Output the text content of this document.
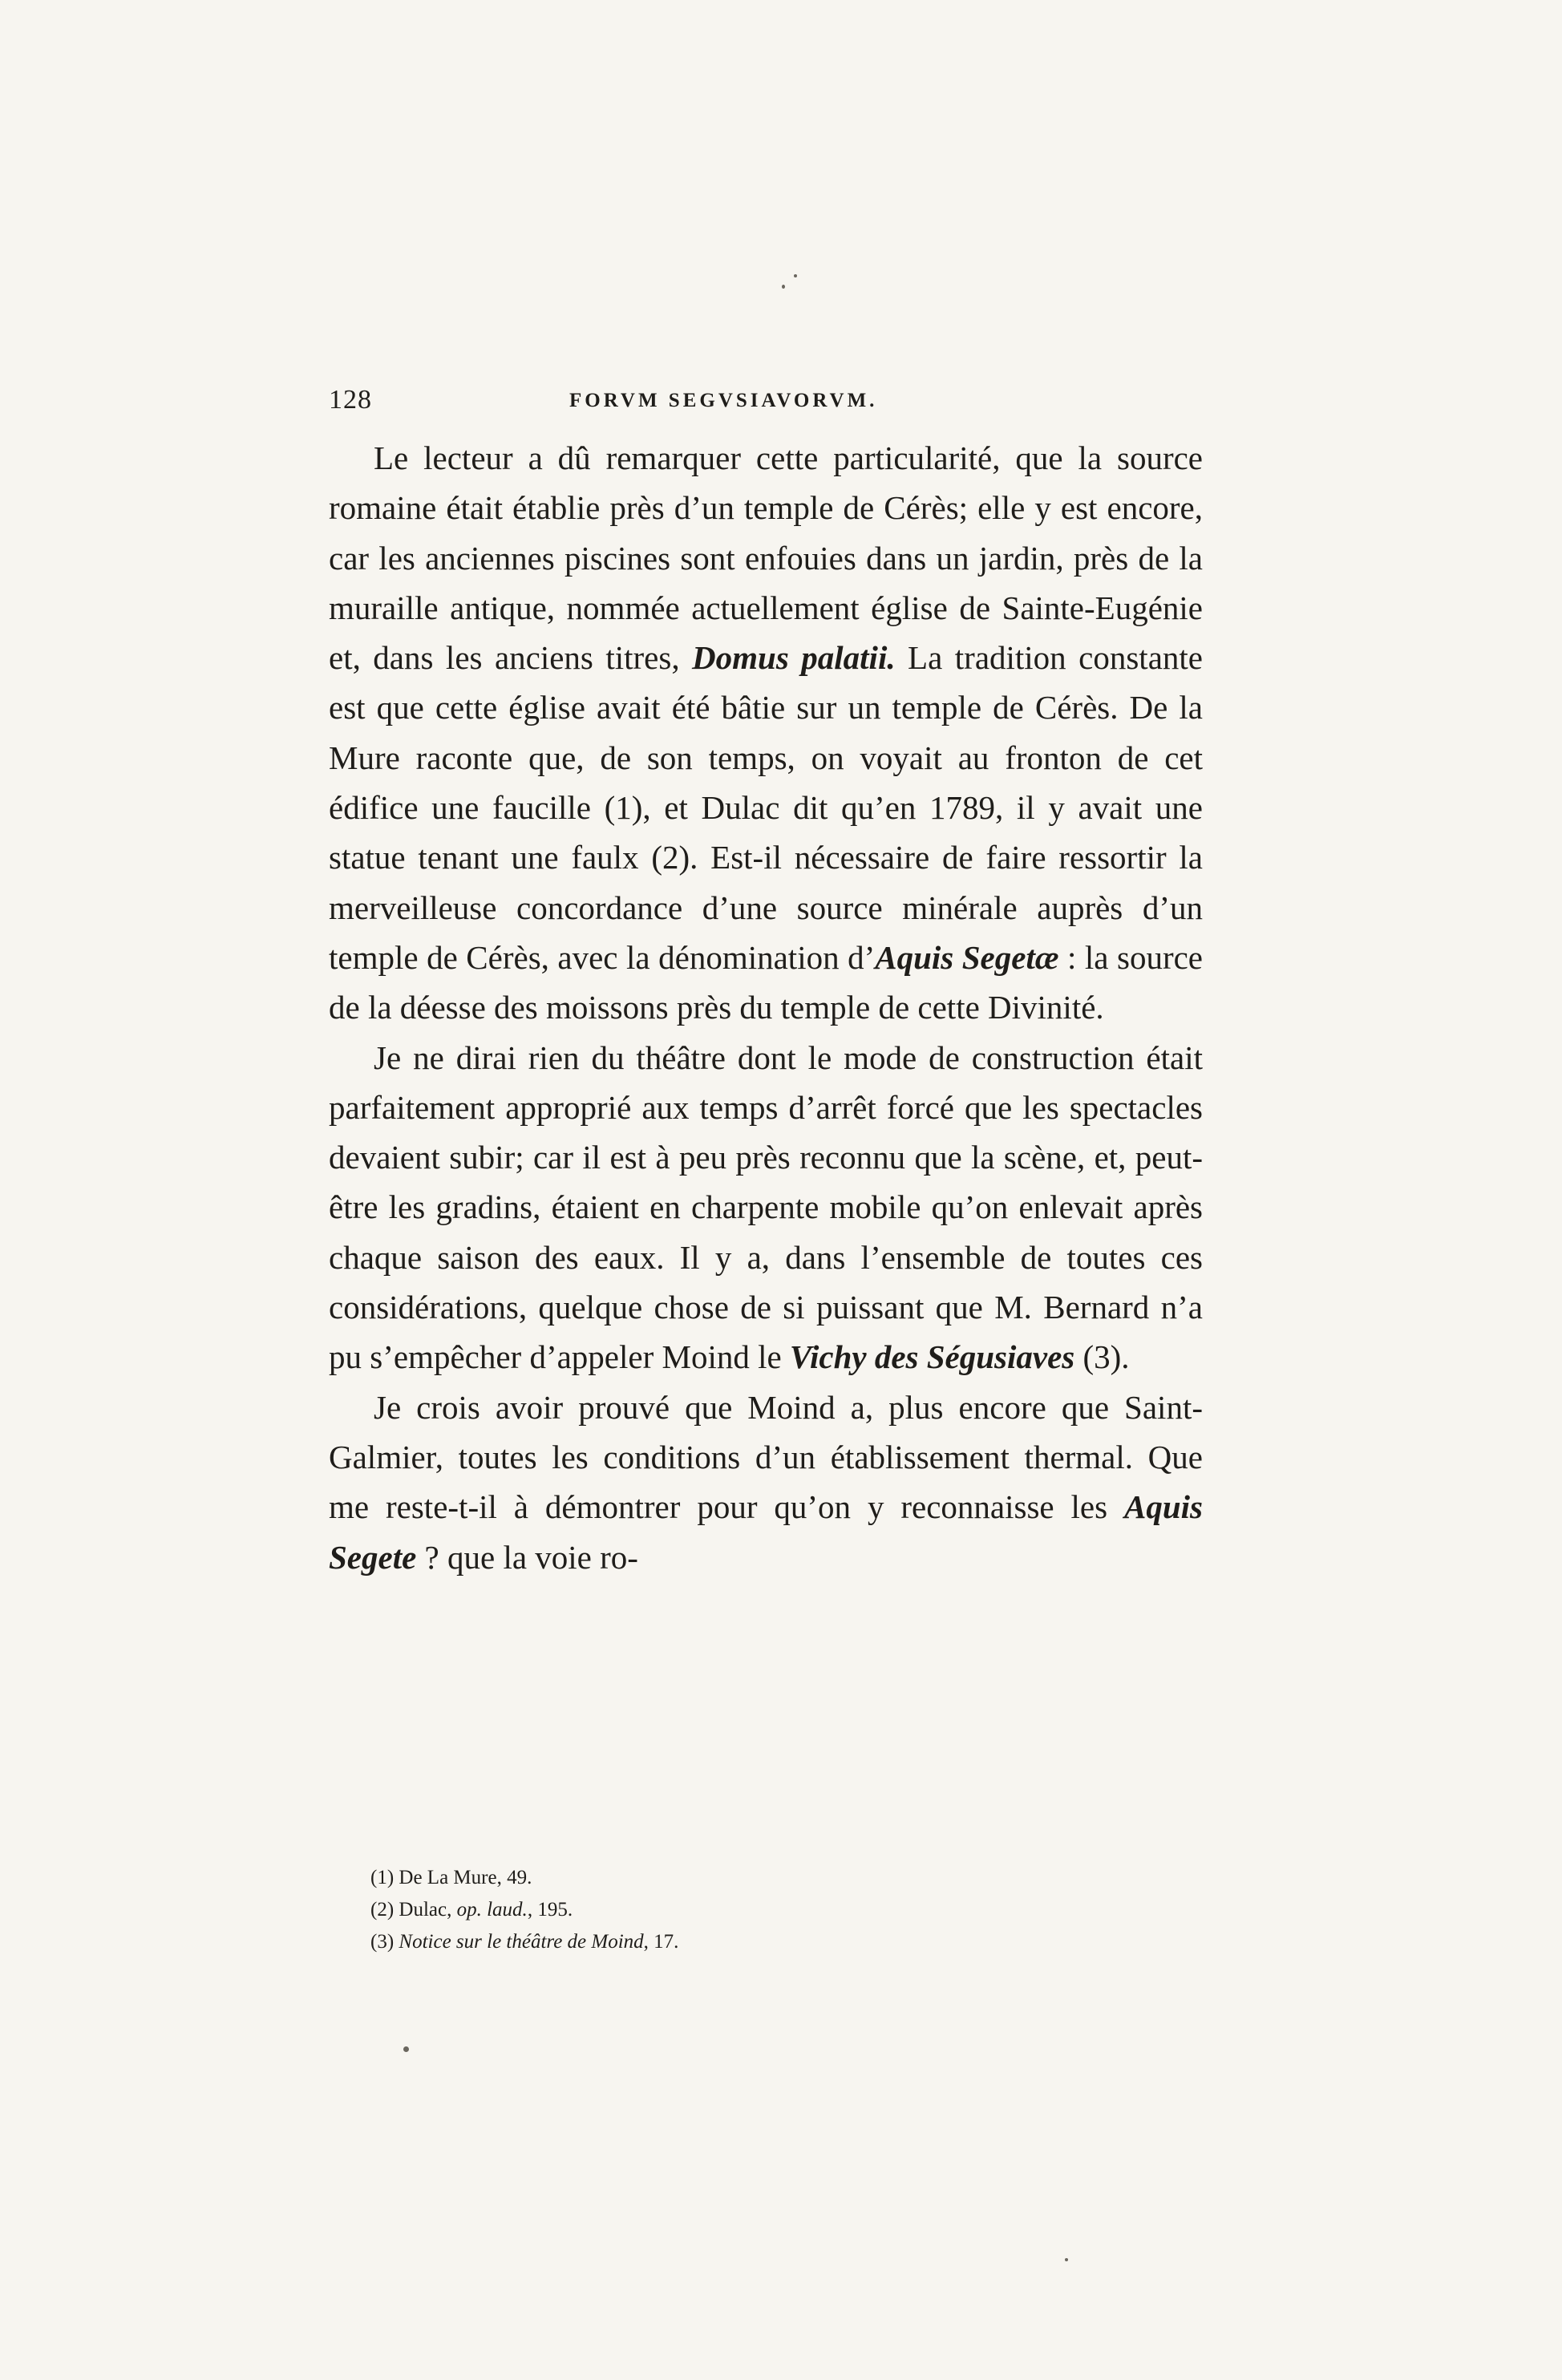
128	FORVM SEGVSIAVORVM.

Le lecteur a dû remarquer cette particularité, que la source romaine était établie près d’un temple de Cérès; elle y est encore, car les anciennes piscines sont enfouies dans un jardin, près de la muraille antique, nommée actuellement église de Sainte-Eugénie et, dans les anciens titres, Domus palatii. La tradition constante est que cette église avait été bâtie sur un temple de Cérès. De la Mure raconte que, de son temps, on voyait au fronton de cet édifice une faucille (1), et Dulac dit qu’en 1789, il y avait une statue tenant une faulx (2). Est-il nécessaire de faire ressortir la merveilleuse concordance d’une source minérale auprès d’un temple de Cérès, avec la dénomination d’Aquis Segetæ : la source de la déesse des moissons près du temple de cette Divinité.

Je ne dirai rien du théâtre dont le mode de construction était parfaitement approprié aux temps d’arrêt forcé que les spectacles devaient subir; car il est à peu près reconnu que la scène, et, peut-être les gradins, étaient en charpente mobile qu’on enlevait après chaque saison des eaux. Il y a, dans l’ensemble de toutes ces considérations, quelque chose de si puissant que M. Bernard n’a pu s’empêcher d’appeler Moind le Vichy des Ségusiaves (3).

Je crois avoir prouvé que Moind a, plus encore que Saint-Galmier, toutes les conditions d’un établissement thermal. Que me reste-t-il à démontrer pour qu’on y reconnaisse les Aquis Segete ? que la voie ro-

(1) De La Mure, 49.
(2) Dulac, op. laud., 195.
(3) Notice sur le théâtre de Moind, 17.
